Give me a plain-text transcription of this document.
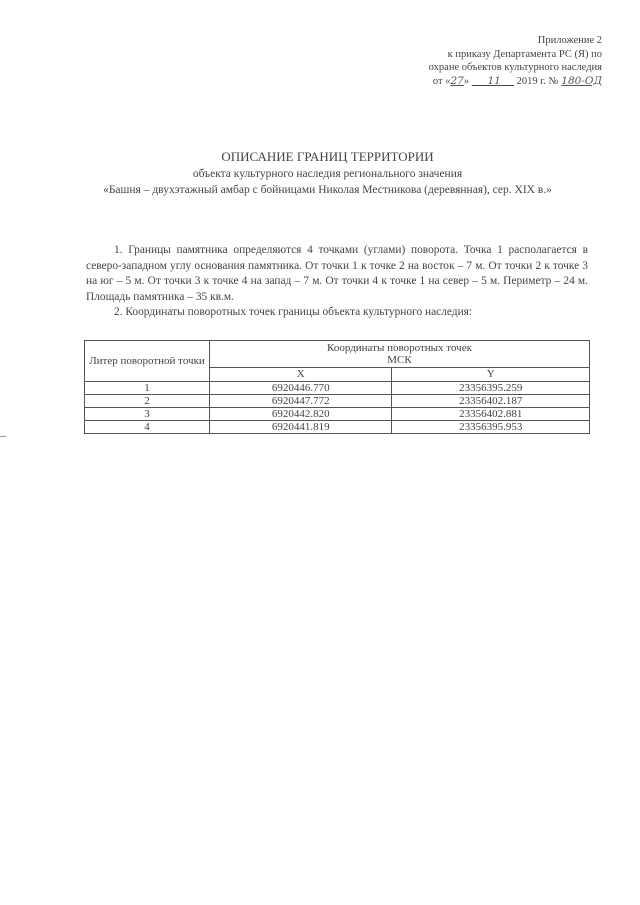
Приложение 2
к приказу Департамента РС (Я) по
охране объектов культурного наследия
от «27» 11 2019 г. № 180-ОД
ОПИСАНИЕ ГРАНИЦ ТЕРРИТОРИИ
объекта культурного наследия регионального значения
«Башня – двухэтажный амбар с бойницами Николая Местникова (деревянная), сер. XIX в.»

1. Границы памятника определяются 4 точками (углами) поворота. Точка 1 располагается в северо-западном углу основания памятника. От точки 1 к точке 2 на восток – 7 м. От точки 2 к точке 3 на юг – 5 м. От точки 3 к точке 4 на запад – 7 м. От точки 4 к точке 1 на север – 5 м. Периметр – 24 м. Площадь памятника – 35 кв.м.

2. Координаты поворотных точек границы объекта культурного наследия:

Литер поворотной точки	Координаты поворотных точек
МСК	

	X	Y
1	6920446.770	23356395.259
2	6920447.772	23356402.187
3	6920442.820	23356402.881
4	6920441.819	23356395.953
